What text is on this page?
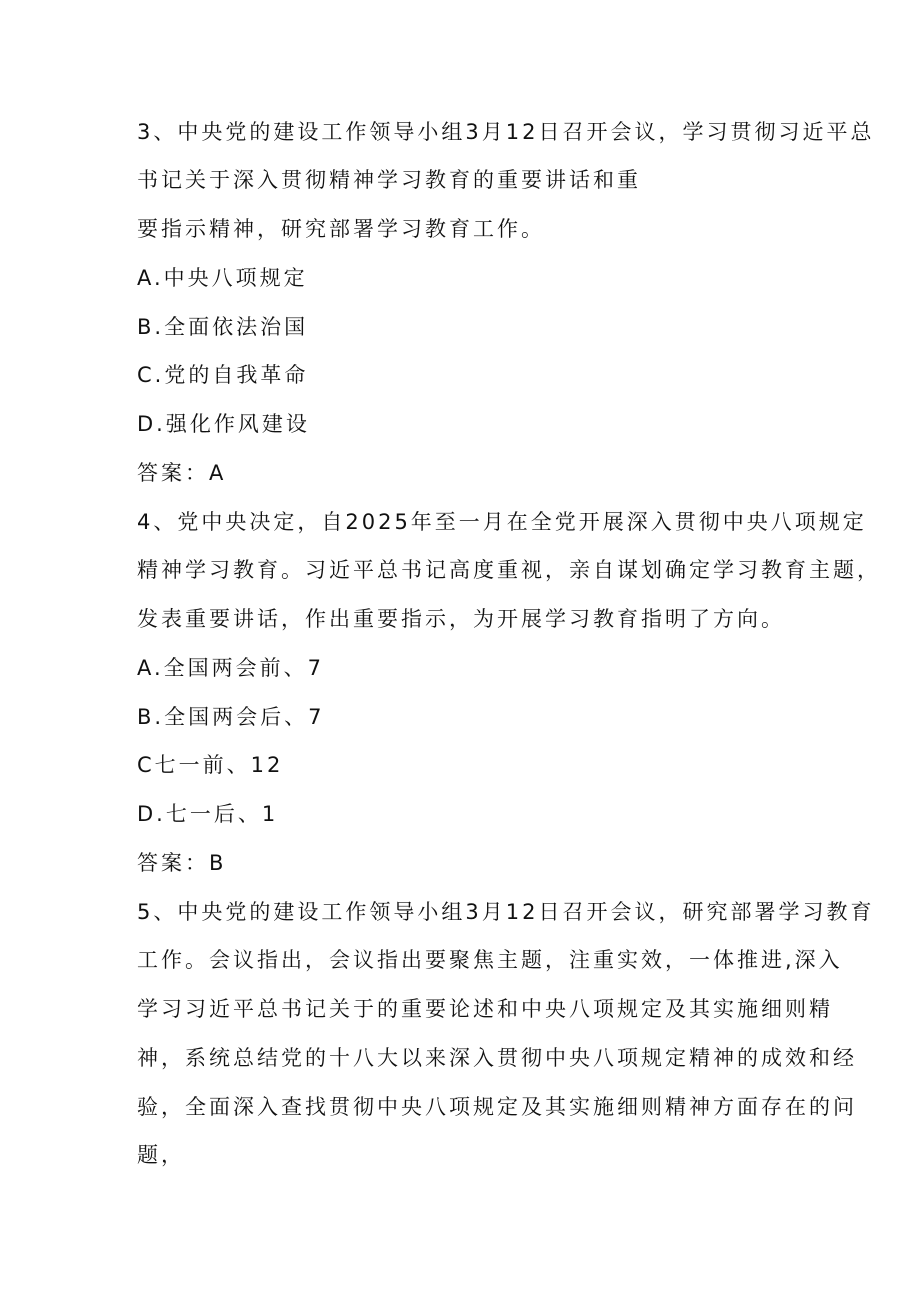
3、中央党的建设工作领导小组3月12日召开会议，学习贯彻习近平总
书记关于深入贯彻精神学习教育的重要讲话和重
要指示精神，研究部署学习教育工作。
A.中央八项规定
B.全面依法治国
C.党的自我革命
D.强化作风建设
答案：A
4、党中央决定，自2025年至一月在全党开展深入贯彻中央八项规定
精神学习教育。习近平总书记高度重视，亲自谋划确定学习教育主题，
发表重要讲话，作出重要指示，为开展学习教育指明了方向。
A.全国两会前、7
B.全国两会后、7
C七一前、12
D.七一后、1
答案：B
5、中央党的建设工作领导小组3月12日召开会议，研究部署学习教育
工作。会议指出，会议指出要聚焦主题，注重实效，一体推进,深入
学习习近平总书记关于的重要论述和中央八项规定及其实施细则精
神，系统总结党的十八大以来深入贯彻中央八项规定精神的成效和经
验，全面深入查找贯彻中央八项规定及其实施细则精神方面存在的问
题，
